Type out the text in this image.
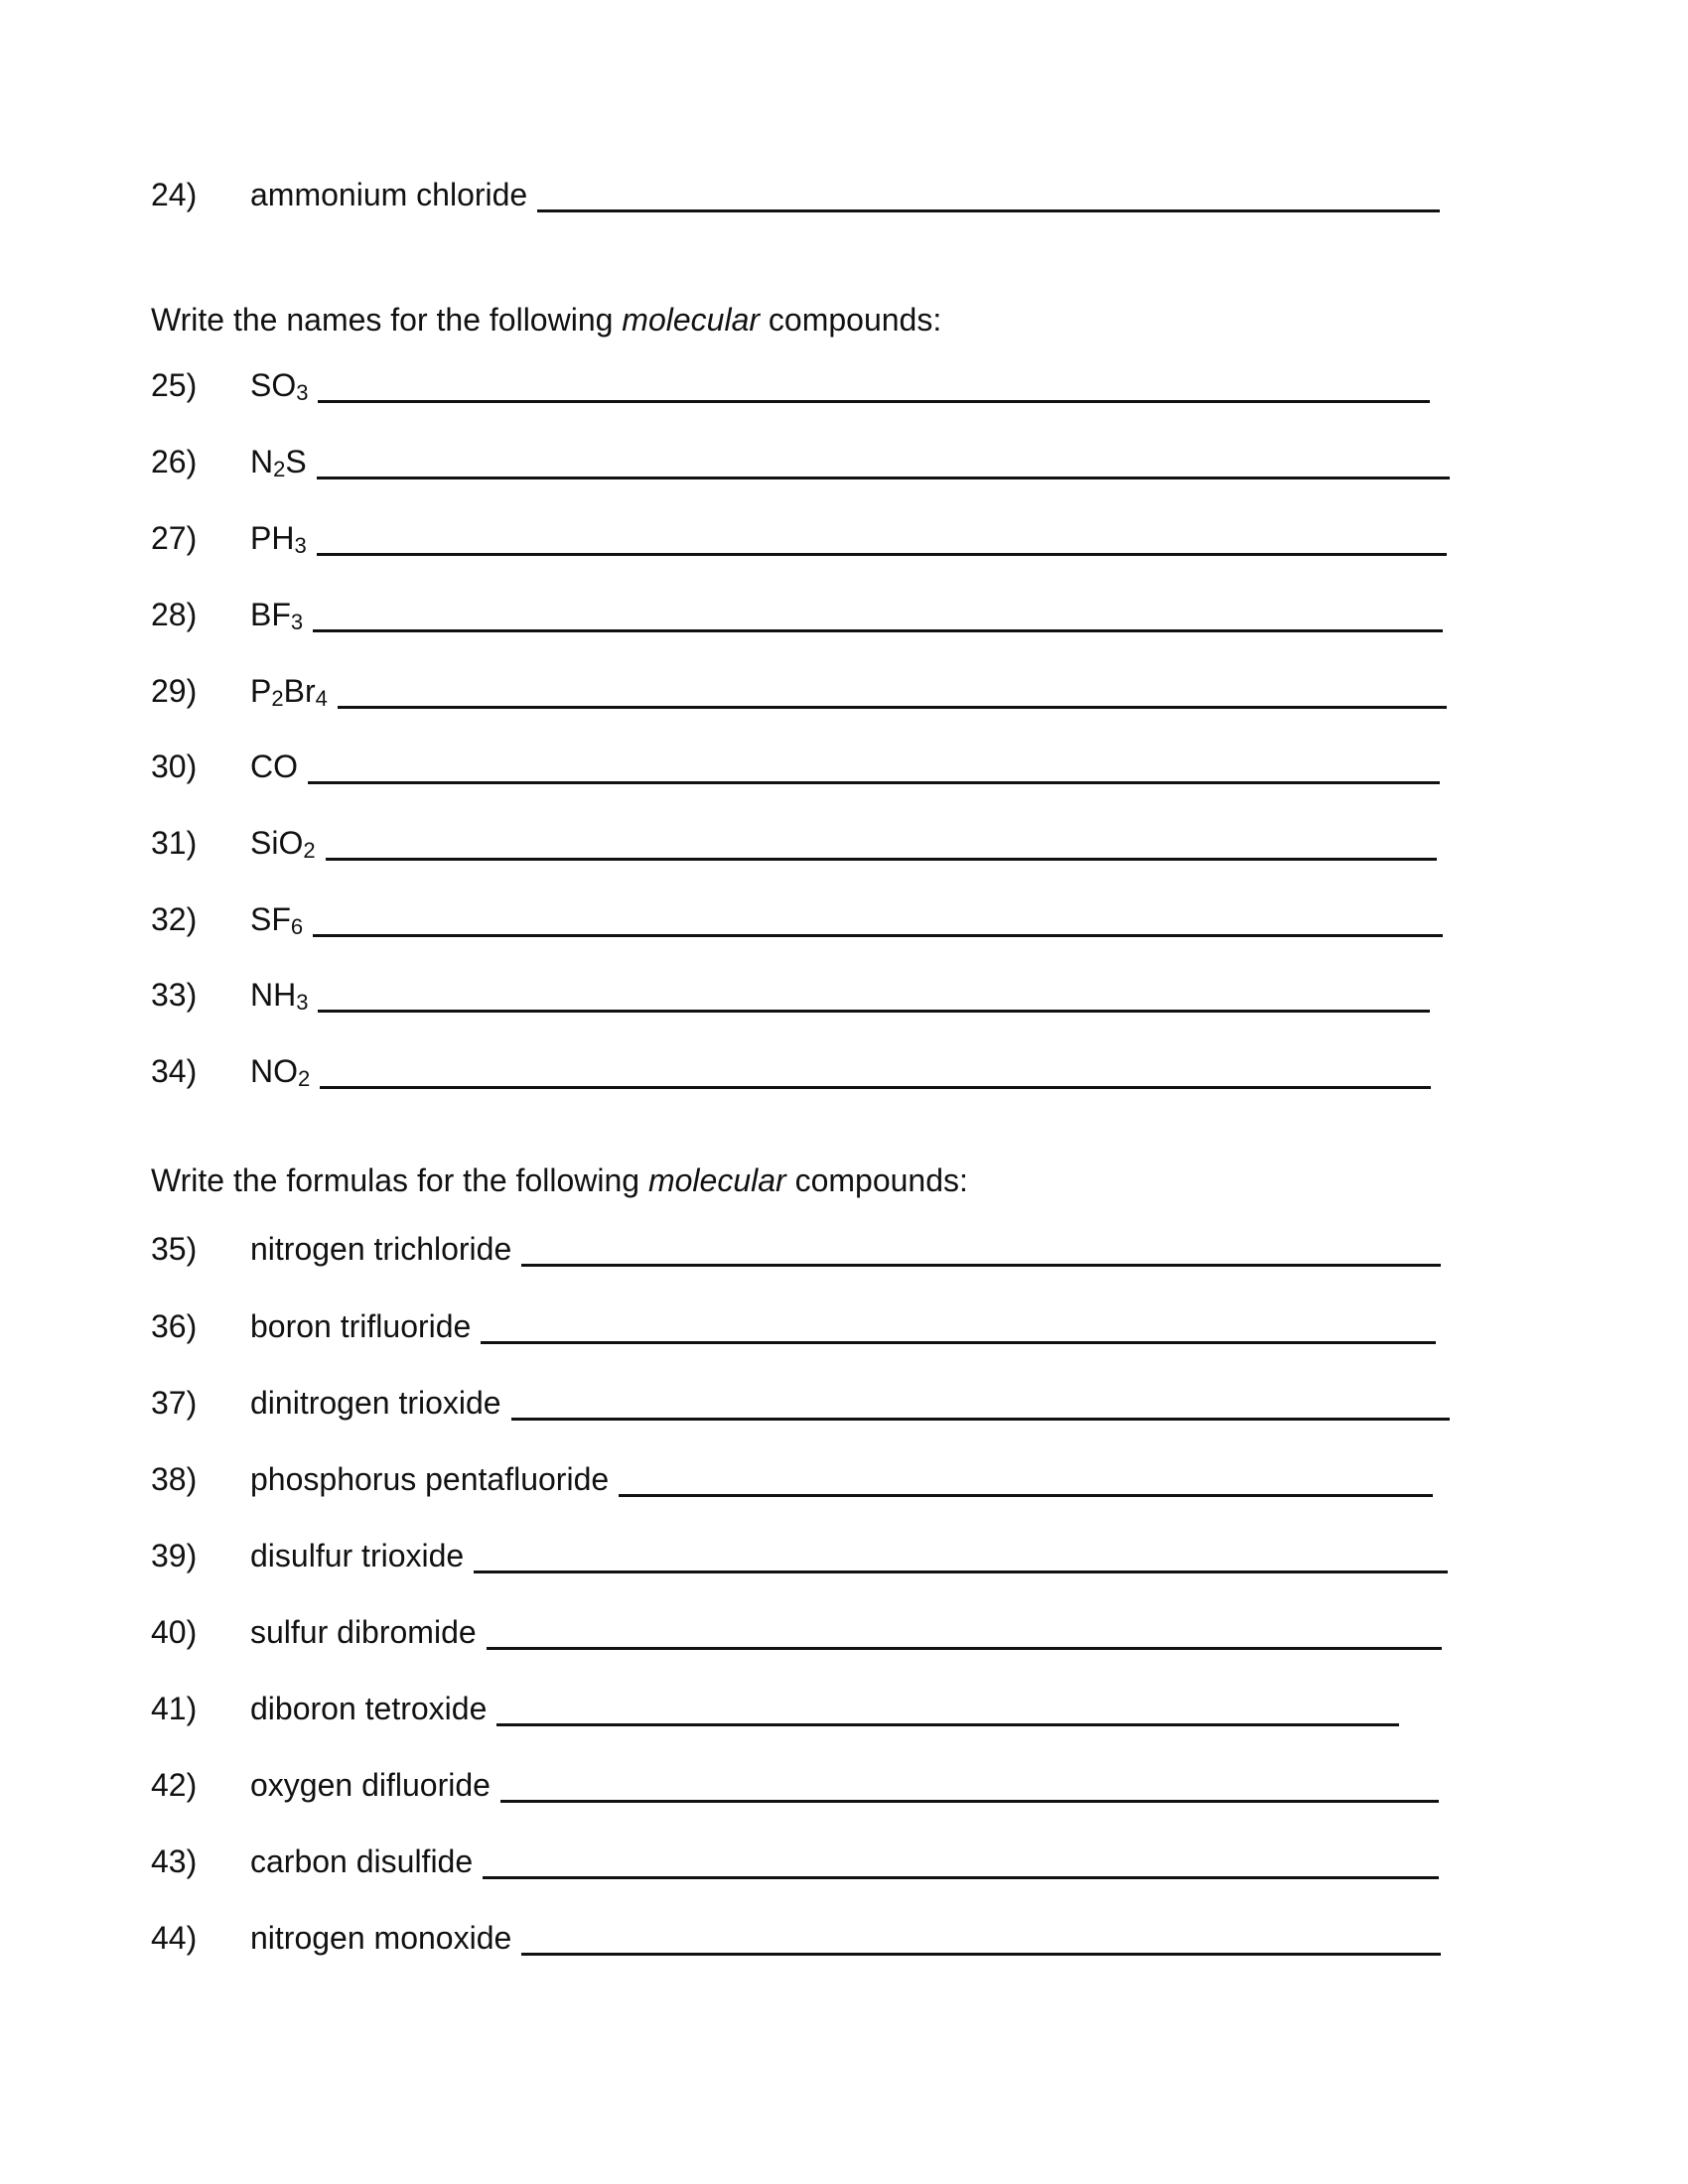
24)	ammonium chloride
Write the names for the following molecular compounds:
25)	$SO_3$
26)	$N_2S$
27)	$PH_3$
28)	$BF_3$
29)	$P_2Br_4$
30)	CO
31)	SiO$_2$
32)	$SF_6$
33)	$NH_3$
34)	$NO_2$
Write the formulas for the following molecular compounds:
35)	nitrogen trichloride
36)	boron trifluoride
37)	dinitrogen trioxide
38)	phosphorus pentafluoride
39)	disulfur trioxide
40)	sulfur dibromide
41)	diboron tetroxide
42)	oxygen difluoride
43)	carbon disulfide
44)	nitrogen monoxide
